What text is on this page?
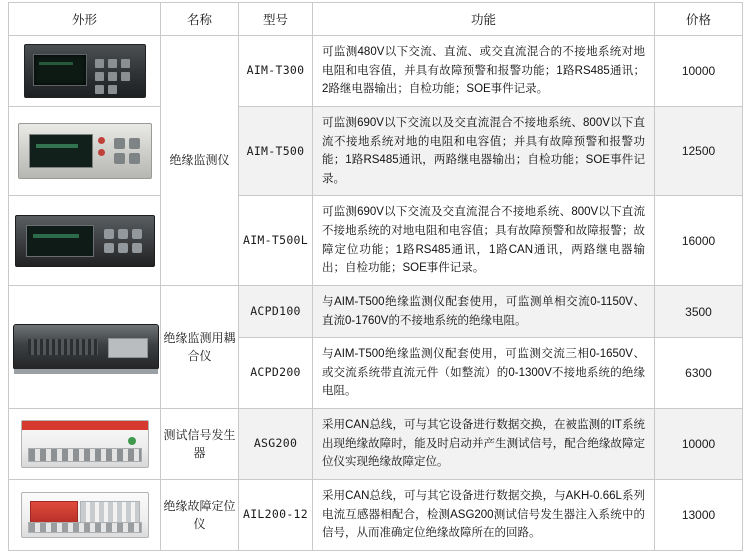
外形	名称	型号	功能	价格

	绝缘监测仪	AIM-T300	可监测480V以下交流、直流、或交直流混合的不接地系统对地电阻和电容值，并具有故障预警和报警功能；1路RS485通讯；2路继电器输出；自检功能；SOE事件记录。	10000

		AIM-T500	可监测690V以下交流以及交直流混合不接地系统、800V以下直流不接地系统对地的电阻和电容值；并具有故障预警和报警功能；1路RS485通讯，两路继电器输出；自检功能；SOE事件记录。	12500

		AIM-T500L	可监测690V以下交流及交直流混合不接地系统、800V以下直流不接地系统的对地电阻和电容值；具有故障预警和故障报警；故障定位功能；1路RS485通讯，1路CAN通讯，两路继电器输出；自检功能；SOE事件记录。	16000

	绝缘监测用耦合仪	ACPD100	与AIM-T500绝缘监测仪配套使用，可监测单相交流0-1150V、直流0-1760V的不接地系统的绝缘电阻。	3500
		ACPD200	与AIM-T500绝缘监测仪配套使用，可监测交流三相0-1650V、或交流系统带直流元件（如整流）的0-1300V不接地系统的绝缘电阻。	6300

	测试信号发生器	ASG200	采用CAN总线，可与其它设备进行数据交换，在被监测的IT系统出现绝缘故障时，能及时启动并产生测试信号，配合绝缘故障定位仪实现绝缘故障定位。	10000

	绝缘故障定位仪	AIL200-12	采用CAN总线，可与其它设备进行数据交换，与AKH-0.66L系列电流互感器相配合，检测ASG200测试信号发生器注入系统中的信号，从而准确定位绝缘故障所在的回路。	13000
